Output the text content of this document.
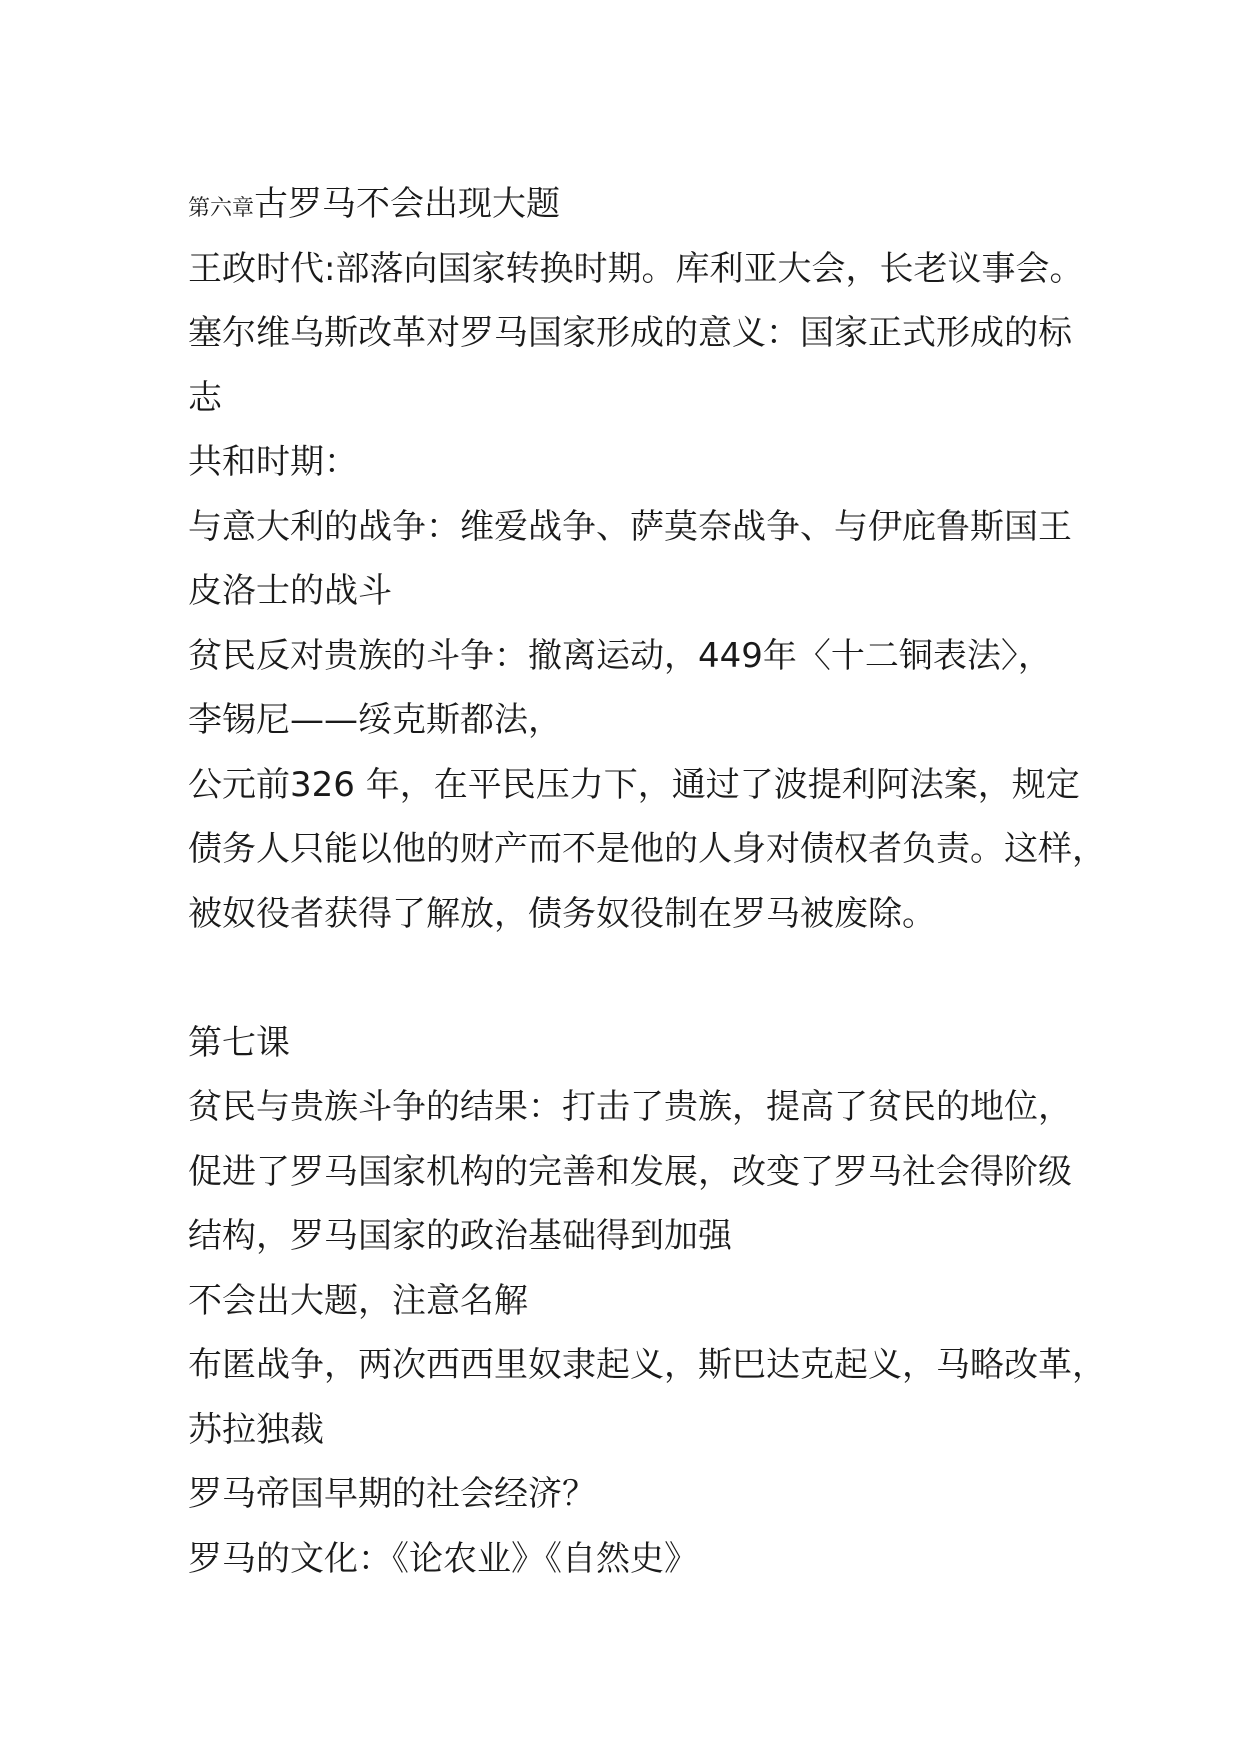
第六章古罗马不会出现大题
王政时代:部落向国家转换时期。库利亚大会，长老议事会。
塞尔维乌斯改革对罗马国家形成的意义：国家正式形成的标
志
共和时期：
与意大利的战争：维爱战争、萨莫奈战争、与伊庇鲁斯国王
皮洛士的战斗
贫民反对贵族的斗争：撤离运动，449年〈十二铜表法〉，
李锡尼——绥克斯都法，
公元前326 年，在平民压力下，通过了波提利阿法案，规定
债务人只能以他的财产而不是他的人身对债权者负责。这样，
被奴役者获得了解放，债务奴役制在罗马被废除。
第七课
贫民与贵族斗争的结果：打击了贵族，提高了贫民的地位，
促进了罗马国家机构的完善和发展，改变了罗马社会得阶级
结构，罗马国家的政治基础得到加强
不会出大题，注意名解
布匿战争，两次西西里奴隶起义，斯巴达克起义，马略改革，
苏拉独裁
罗马帝国早期的社会经济？
罗马的文化：《论农业》《自然史》
